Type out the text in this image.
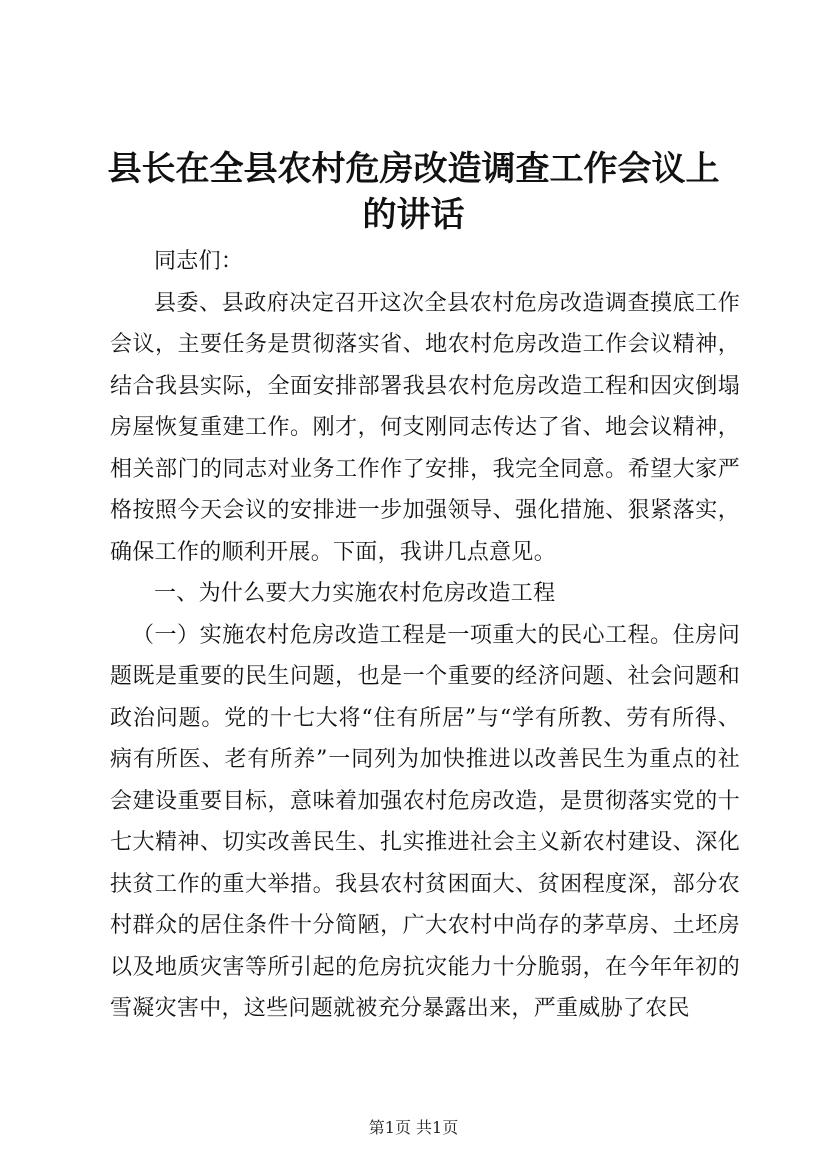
县长在全县农村危房改造调查工作会议上的讲话

同志们：

县委、县政府决定召开这次全县农村危房改造调查摸底工作会议，主要任务是贯彻落实省、地农村危房改造工作会议精神，结合我县实际，全面安排部署我县农村危房改造工程和因灾倒塌房屋恢复重建工作。刚才，何支刚同志传达了省、地会议精神，相关部门的同志对业务工作作了安排，我完全同意。希望大家严格按照今天会议的安排进一步加强领导、强化措施、狠紧落实，确保工作的顺利开展。下面，我讲几点意见。

一、为什么要大力实施农村危房改造工程

（一）实施农村危房改造工程是一项重大的民心工程。住房问题既是重要的民生问题，也是一个重要的经济问题、社会问题和政治问题。党的十七大将“住有所居”与“学有所教、劳有所得、病有所医、老有所养”一同列为加快推进以改善民生为重点的社会建设重要目标，意味着加强农村危房改造，是贯彻落实党的十七大精神、切实改善民生、扎实推进社会主义新农村建设、深化扶贫工作的重大举措。我县农村贫困面大、贫困程度深，部分农村群众的居住条件十分简陋，广大农村中尚存的茅草房、土坯房以及地质灾害等所引起的危房抗灾能力十分脆弱，在今年年初的雪凝灾害中，这些问题就被充分暴露出来，严重威胁了农民

第1页 共1页
